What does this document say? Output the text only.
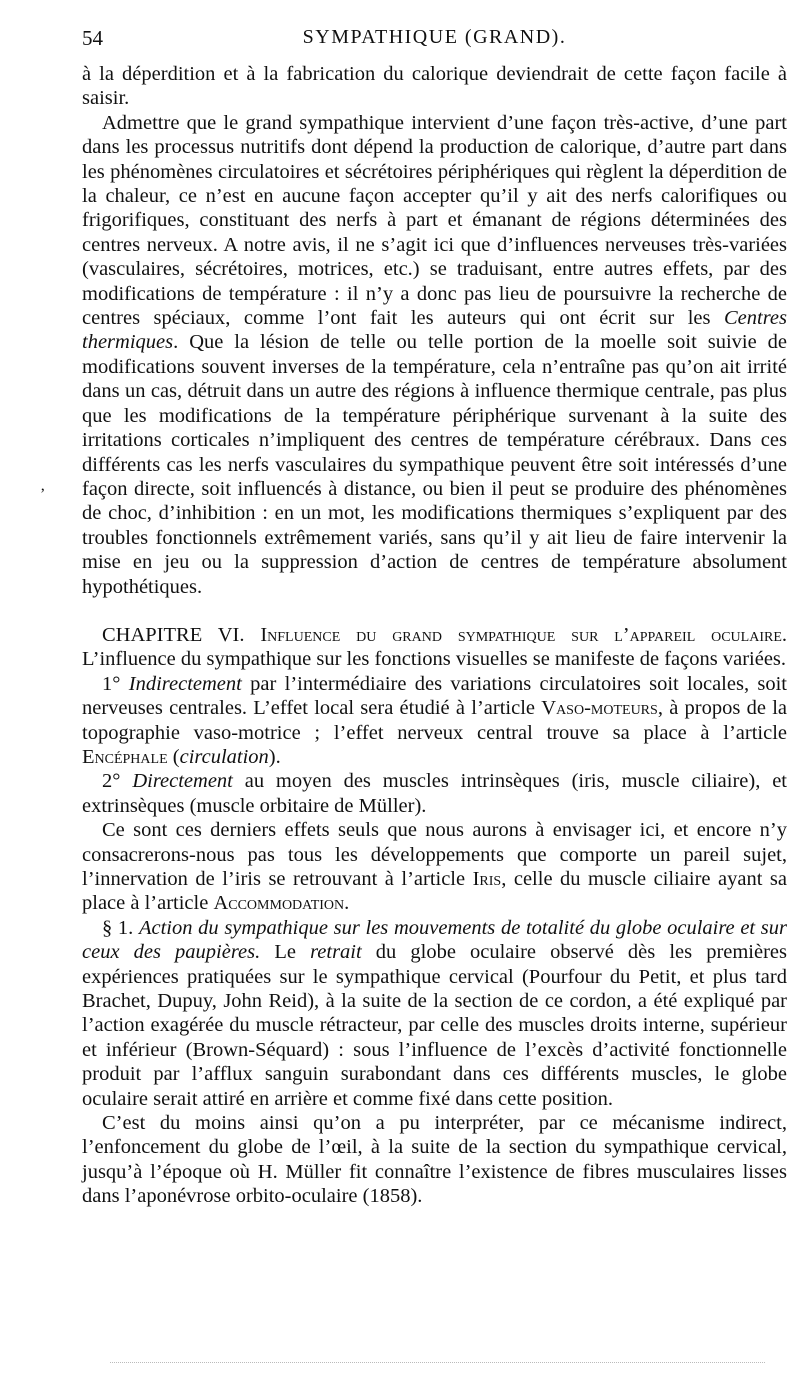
54	SYMPATHIQUE (GRAND).
ʼ

à la déperdition et à la fabrication du calorique deviendrait de cette façon facile à saisir.

Admettre que le grand sympathique intervient d’une façon très-active, d’une part dans les processus nutritifs dont dépend la production de calorique, d’autre part dans les phénomènes circulatoires et sécrétoires périphériques qui règlent la déperdition de la chaleur, ce n’est en aucune façon accepter qu’il y ait des nerfs calorifiques ou frigorifiques, constituant des nerfs à part et émanant de régions déterminées des centres nerveux. A notre avis, il ne s’agit ici que d’influences nerveuses très-variées (vasculaires, sécrétoires, motrices, etc.) se traduisant, entre autres effets, par des modifications de température : il n’y a donc pas lieu de poursuivre la recherche de centres spéciaux, comme l’ont fait les auteurs qui ont écrit sur les Centres thermiques. Que la lésion de telle ou telle portion de la moelle soit suivie de modifications souvent inverses de la température, cela n’entraîne pas qu’on ait irrité dans un cas, détruit dans un autre des régions à influence thermique centrale, pas plus que les modifications de la température périphérique survenant à la suite des irritations corticales n’impliquent des centres de température cérébraux. Dans ces différents cas les nerfs vasculaires du sympathique peuvent être soit intéressés d’une façon directe, soit influencés à distance, ou bien il peut se produire des phénomènes de choc, d’inhibition : en un mot, les modifications thermiques s’expliquent par des troubles fonctionnels extrêmement variés, sans qu’il y ait lieu de faire intervenir la mise en jeu ou la suppression d’action de centres de température absolument hypothétiques.

CHAPITRE VI. Influence du grand sympathique sur l’appareil oculaire. L’influence du sympathique sur les fonctions visuelles se manifeste de façons variées.

1° Indirectement par l’intermédiaire des variations circulatoires soit locales, soit nerveuses centrales. L’effet local sera étudié à l’article Vaso-moteurs, à propos de la topographie vaso-motrice ; l’effet nerveux central trouve sa place à l’article Encéphale (circulation).

2° Directement au moyen des muscles intrinsèques (iris, muscle ciliaire), et extrinsèques (muscle orbitaire de Müller).

Ce sont ces derniers effets seuls que nous aurons à envisager ici, et encore n’y consacrerons-nous pas tous les développements que comporte un pareil sujet, l’innervation de l’iris se retrouvant à l’article Iris, celle du muscle ciliaire ayant sa place à l’article Accommodation.

§ 1. Action du sympathique sur les mouvements de totalité du globe oculaire et sur ceux des paupières. Le retrait du globe oculaire observé dès les premières expériences pratiquées sur le sympathique cervical (Pourfour du Petit, et plus tard Brachet, Dupuy, John Reid), à la suite de la section de ce cordon, a été expliqué par l’action exagérée du muscle rétracteur, par celle des muscles droits interne, supérieur et inférieur (Brown-Séquard) : sous l’influence de l’excès d’activité fonctionnelle produit par l’afflux sanguin surabondant dans ces différents muscles, le globe oculaire serait attiré en arrière et comme fixé dans cette position.

C’est du moins ainsi qu’on a pu interpréter, par ce mécanisme indirect, l’enfoncement du globe de l’œil, à la suite de la section du sympathique cervical, jusqu’à l’époque où H. Müller fit connaître l’existence de fibres musculaires lisses dans l’aponévrose orbito-oculaire (1858).
